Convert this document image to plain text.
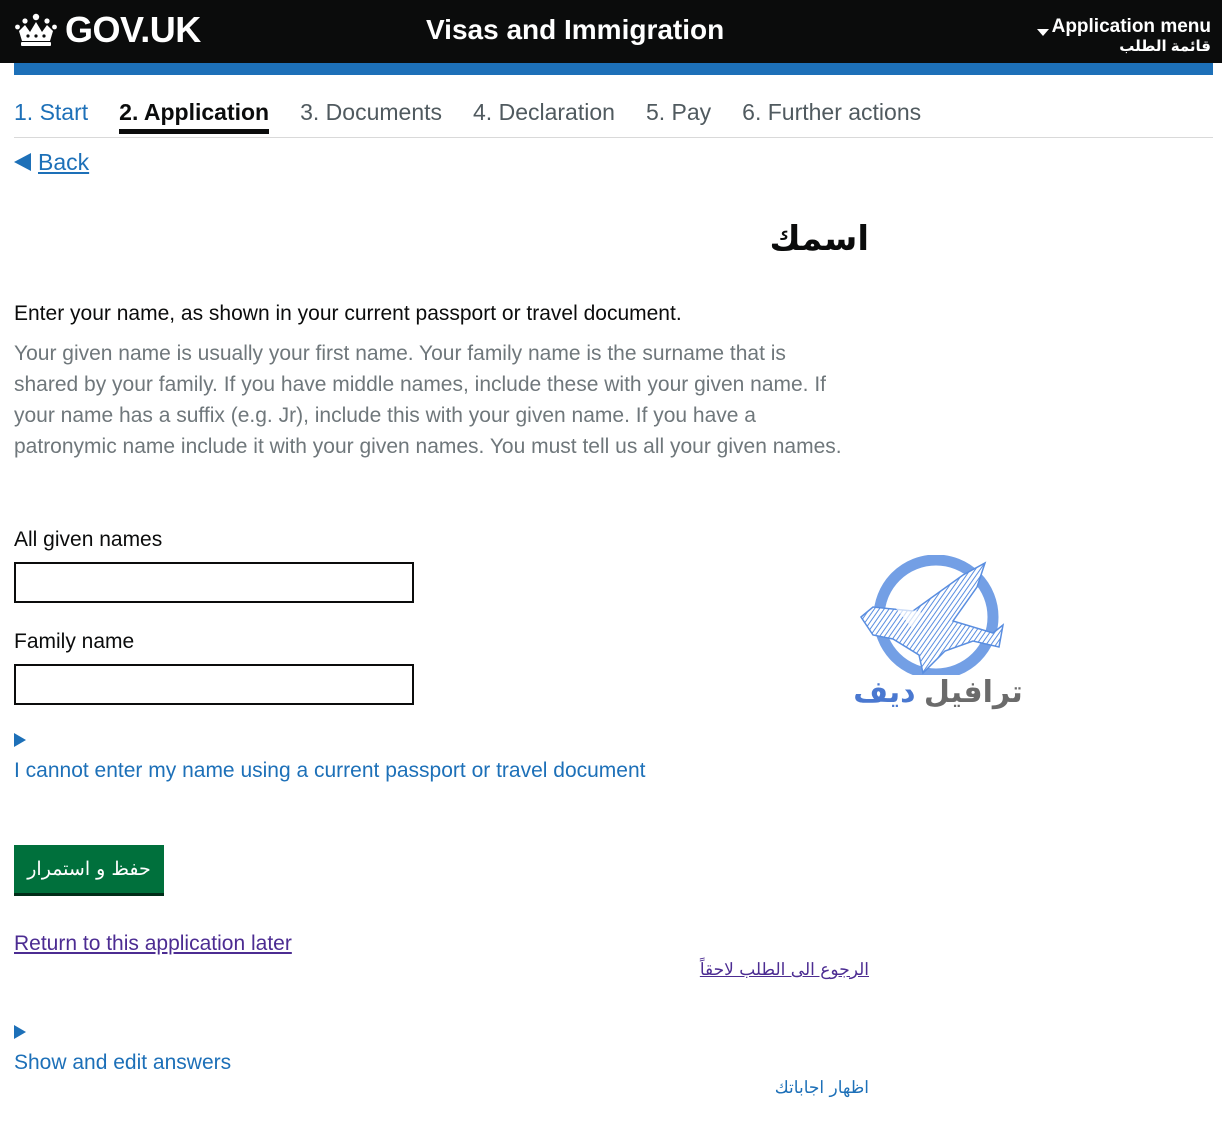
GOV.UK	Visas and Immigration	Application menu
قائمة الطلب
1. Start 2. Application 3. Documents 4. Declaration 5. Pay 6. Further actions
Back
اسمك

Enter your name, as shown in your current passport or travel document.

Your given name is usually your first name. Your family name is the surname that is shared by your family. If you have middle names, include these with your given name. If your name has a suffix (e.g. Jr), include this with your given name. If you have a patronymic name include it with your given names. You must tell us all your given names.

All given names
Family name
I cannot enter my name using a current passport or travel document
ترافيل ديف
حفظ و استمرار
Return to this application later
الرجوع الى الطلب لاحقاً
Show and edit answers
اظهار اجاباتك
